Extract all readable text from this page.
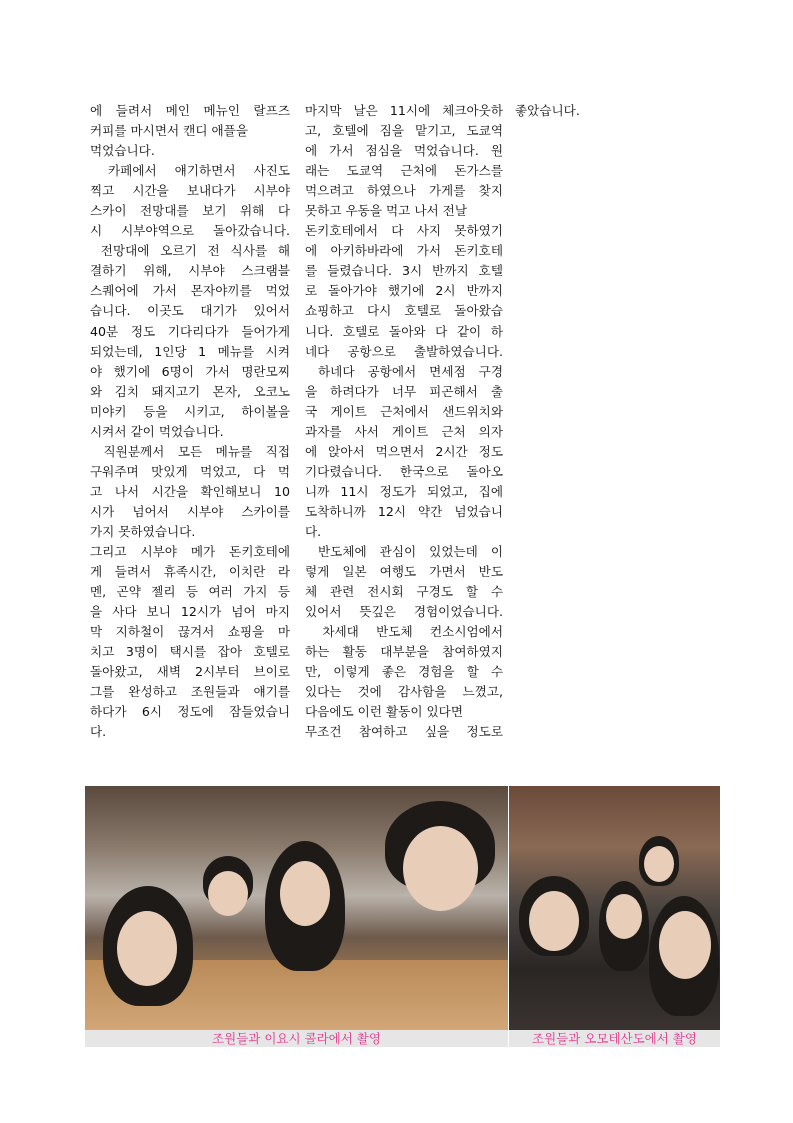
에 들려서 메인 메뉴인 랄프즈
커피를 마시면서 캔디 애플을
먹었습니다.
카페에서 얘기하면서 사진도
찍고 시간을 보내다가 시부야
스카이 전망대를 보기 위해 다
시 시부야역으로 돌아갔습니다.
전망대에 오르기 전 식사를 해
결하기 위해, 시부야 스크램블
스퀘어에 가서 몬자야끼를 먹었
습니다. 이곳도 대기가 있어서
40분 정도 기다리다가 들어가게
되었는데, 1인당 1 메뉴를 시켜
야 했기에 6명이 가서 명란모찌
와 김치 돼지고기 몬자, 오코노
미야키 등을 시키고, 하이볼을
시켜서 같이 먹었습니다.
직원분께서 모든 메뉴를 직접
구워주며 맛있게 먹었고, 다 먹
고 나서 시간을 확인해보니 10
시가 넘어서 시부야 스카이를
가지 못하였습니다.
그리고 시부야 메가 돈키호테에
게 들려서 휴족시간, 이치란 라
멘, 곤약 젤리 등 여러 가지 등
을 사다 보니 12시가 넘어 마지
막 지하철이 끊겨서 쇼핑을 마
치고 3명이 택시를 잡아 호텔로
돌아왔고, 새벽 2시부터 브이로
그를 완성하고 조원들과 얘기를
하다가 6시 정도에 잠들었습니
다.
마지막 날은 11시에 체크아웃하
고, 호텔에 짐을 맡기고, 도쿄역
에 가서 점심을 먹었습니다. 원
래는 도쿄역 근처에 돈가스를
먹으려고 하였으나 가게를 찾지
못하고 우동을 먹고 나서 전날
돈키호테에서 다 사지 못하였기
에 아키하바라에 가서 돈키호테
를 들렸습니다. 3시 반까지 호텔
로 돌아가야 했기에 2시 반까지
쇼핑하고 다시 호텔로 돌아왔습
니다. 호텔로 돌아와 다 같이 하
네다 공항으로 출발하였습니다.
하네다 공항에서 면세점 구경
을 하려다가 너무 피곤해서 출
국 게이트 근처에서 샌드위치와
과자를 사서 게이트 근처 의자
에 앉아서 먹으면서 2시간 정도
기다렸습니다. 한국으로 돌아오
니까 11시 정도가 되었고, 집에
도착하니까 12시 약간 넘었습니
다.
반도체에 관심이 있었는데 이
렇게 일본 여행도 가면서 반도
체 관련 전시회 구경도 할 수
있어서 뜻깊은 경험이었습니다.
차세대 반도체 컨소시엄에서
하는 활동 대부분을 참여하였지
만, 이렇게 좋은 경험을 할 수
있다는 것에 감사함을 느꼈고,
다음에도 이런 활동이 있다면
무조건 참여하고 싶을 정도로
좋았습니다.
조원들과 이요시 콜라에서 촬영	조원들과 오모테산도에서 촬영
